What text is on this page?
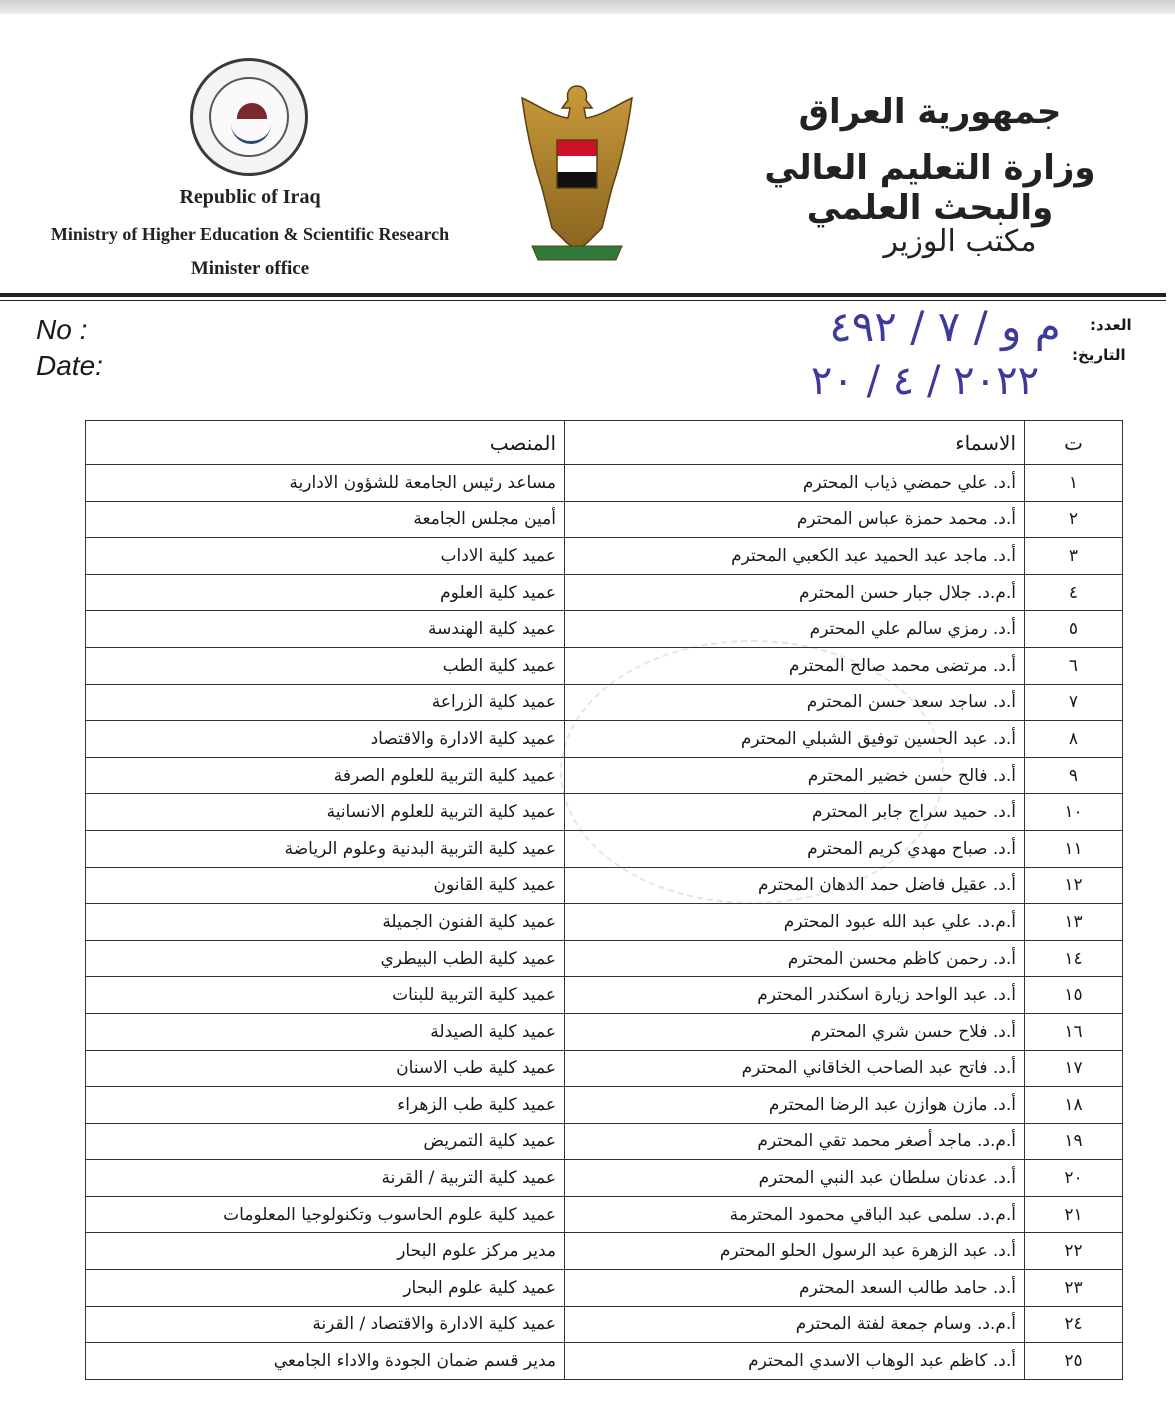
Republic of Iraq
Ministry of Higher Education & Scientific Research
Minister office
جمهورية العراق
وزارة التعليم العالي والبحث العلمي
مكتب الوزير
No :
Date:
العدد:
التاريخ:
م و / ٧ / ٤٩٢
٢٠٢٢ / ٤ / ٢٠
ت	الاسماء	المنصب
١	أ.د. علي حمضي ذياب المحترم	مساعد رئيس الجامعة للشؤون الادارية
٢	أ.د. محمد حمزة عباس المحترم	أمين مجلس الجامعة
٣	أ.د. ماجد عبد الحميد عبد الكعبي المحترم	عميد كلية الاداب
٤	أ.م.د. جلال جبار حسن المحترم	عميد كلية العلوم
٥	أ.د. رمزي سالم علي المحترم	عميد كلية الهندسة
٦	أ.د. مرتضى محمد صالح المحترم	عميد كلية الطب
٧	أ.د. ساجد سعد حسن المحترم	عميد كلية الزراعة
٨	أ.د. عبد الحسين توفيق الشبلي المحترم	عميد كلية الادارة والاقتصاد
٩	أ.د. فالح حسن خضير المحترم	عميد كلية التربية للعلوم الصرفة
١٠	أ.د. حميد سراج جابر المحترم	عميد كلية التربية للعلوم الانسانية
١١	أ.د. صباح مهدي كريم المحترم	عميد كلية التربية البدنية وعلوم الرياضة
١٢	أ.د. عقيل فاضل حمد الدهان المحترم	عميد كلية القانون
١٣	أ.م.د. علي عبد الله عبود المحترم	عميد كلية الفنون الجميلة
١٤	أ.د. رحمن كاظم محسن المحترم	عميد كلية الطب البيطري
١٥	أ.د. عبد الواحد زيارة اسكندر المحترم	عميد كلية التربية للبنات
١٦	أ.د. فلاح حسن شري المحترم	عميد كلية الصيدلة
١٧	أ.د. فاتح عبد الصاحب الخاقاني المحترم	عميد كلية طب الاسنان
١٨	أ.د. مازن هوازن عبد الرضا المحترم	عميد كلية طب الزهراء
١٩	أ.م.د. ماجد أصغر محمد تقي المحترم	عميد كلية التمريض
٢٠	أ.د. عدنان سلطان عبد النبي المحترم	عميد كلية التربية / القرنة
٢١	أ.م.د. سلمى عبد الباقي محمود المحترمة	عميد كلية علوم الحاسوب وتكنولوجيا المعلومات
٢٢	أ.د. عبد الزهرة عبد الرسول الحلو المحترم	مدير مركز علوم البحار
٢٣	أ.د. حامد طالب السعد المحترم	عميد كلية علوم البحار
٢٤	أ.م.د. وسام جمعة لفتة المحترم	عميد كلية الادارة والاقتصاد / القرنة
٢٥	أ.د. كاظم عبد الوهاب الاسدي المحترم	مدير قسم ضمان الجودة والاداء الجامعي
